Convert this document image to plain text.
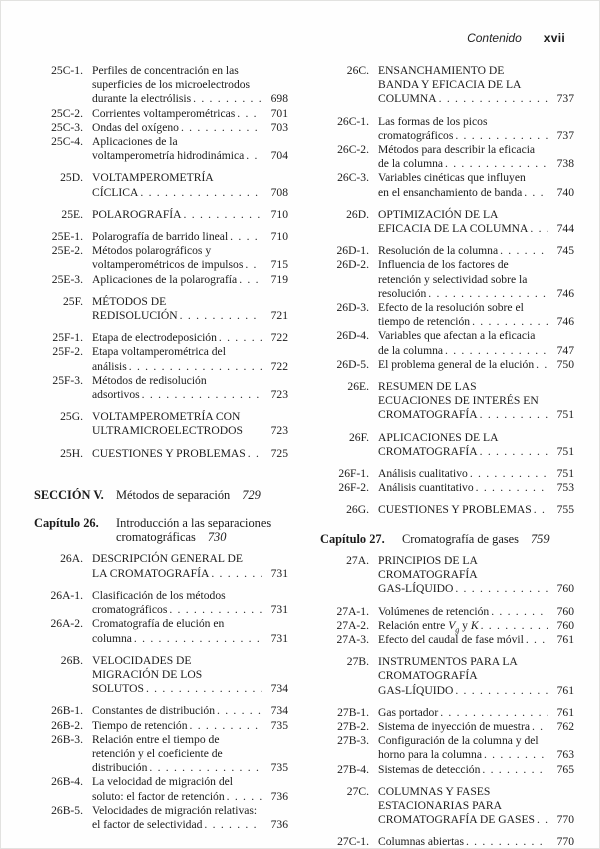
Contenido xvii
25C-1. Perfiles de concentración en las
superficies de los microelectrodos
durante la electrólisis . . .	698
25C-2. Corrientes voltamperométricas . . .	701
25C-3. Ondas del oxígeno . . .	703
25C-4. Aplicaciones de la
voltamperometría hidrodinámica . . .	704
25D. VOLTAMPEROMETRÍA
CÍCLICA . . .	708
25E. POLAROGRAFÍA . . .	710
25E-1. Polarografía de barrido lineal . . .	710
25E-2. Métodos polarográficos y
voltamperométricos de impulsos . . .	715
25E-3. Aplicaciones de la polarografía . . .	719
25F. MÉTODOS DE
REDISOLUCIÓN . . .	721
25F-1. Etapa de electrodeposición . . .	722
25F-2. Etapa voltamperométrica del
análisis . . .	722
25F-3. Métodos de redisolución
adsortivos . . .	723
25G. VOLTAMPEROMETRÍA CON
ULTRAMICROELECTRODOS	723
25H. CUESTIONES Y PROBLEMAS . . .	725
SECCIÓN V. Métodos de separación 729
Capítulo 26.	Introducción a las separaciones
cromatográficas 730
26A. DESCRIPCIÓN GENERAL DE
LA CROMATOGRAFÍA . . .	731
26A-1. Clasificación de los métodos
cromatográficos . . .	731
26A-2. Cromatografía de elución en
columna . . .	731
26B. VELOCIDADES DE
MIGRACIÓN DE LOS
SOLUTOS . . .	734
26B-1. Constantes de distribución . . .	734
26B-2. Tiempo de retención . . .	735
26B-3. Relación entre el tiempo de
retención y el coeficiente de
distribución . . .	735
26B-4. La velocidad de migración del
soluto: el factor de retención . . .	736
26B-5. Velocidades de migración relativas:
el factor de selectividad . . .	736
26C. ENSANCHAMIENTO DE
BANDA Y EFICACIA DE LA
COLUMNA . . .	737
26C-1. Las formas de los picos
cromatográficos . . .	737
26C-2. Métodos para describir la eficacia
de la columna . . .	738
26C-3. Variables cinéticas que influyen
en el ensanchamiento de banda . . .	740
26D. OPTIMIZACIÓN DE LA
EFICACIA DE LA COLUMNA . . .	744
26D-1. Resolución de la columna . . .	745
26D-2. Influencia de los factores de
retención y selectividad sobre la
resolución . . .	746
26D-3. Efecto de la resolución sobre el
tiempo de retención . . .	746
26D-4. Variables que afectan a la eficacia
de la columna . . .	747
26D-5. El problema general de la elución . . .	750
26E. RESUMEN DE LAS
ECUACIONES DE INTERÉS EN
CROMATOGRAFÍA . . .	751
26F. APLICACIONES DE LA
CROMATOGRAFÍA . . .	751
26F-1. Análisis cualitativo . . .	751
26F-2. Análisis cuantitativo . . .	753
26G. CUESTIONES Y PROBLEMAS . . .	755
Capítulo 27.	Cromatografía de gases 759
27A. PRINCIPIOS DE LA
CROMATOGRAFÍA
GAS-LÍQUIDO . . .	760
27A-1. Volúmenes de retención . . .	760
27A-2. Relación entre $V_g$ y K . . .	760
27A-3. Efecto del caudal de fase móvil . . .	761
27B. INSTRUMENTOS PARA LA
CROMATOGRAFÍA
GAS-LÍQUIDO . . .	761
27B-1. Gas portador . . .	761
27B-2. Sistema de inyección de muestra . . .	762
27B-3. Configuración de la columna y del
horno para la columna . . .	763
27B-4. Sistemas de detección . . .	765
27C. COLUMNAS Y FASES
ESTACIONARIAS PARA
CROMATOGRAFÍA DE GASES . . .	770
27C-1. Columnas abiertas . . .	770
